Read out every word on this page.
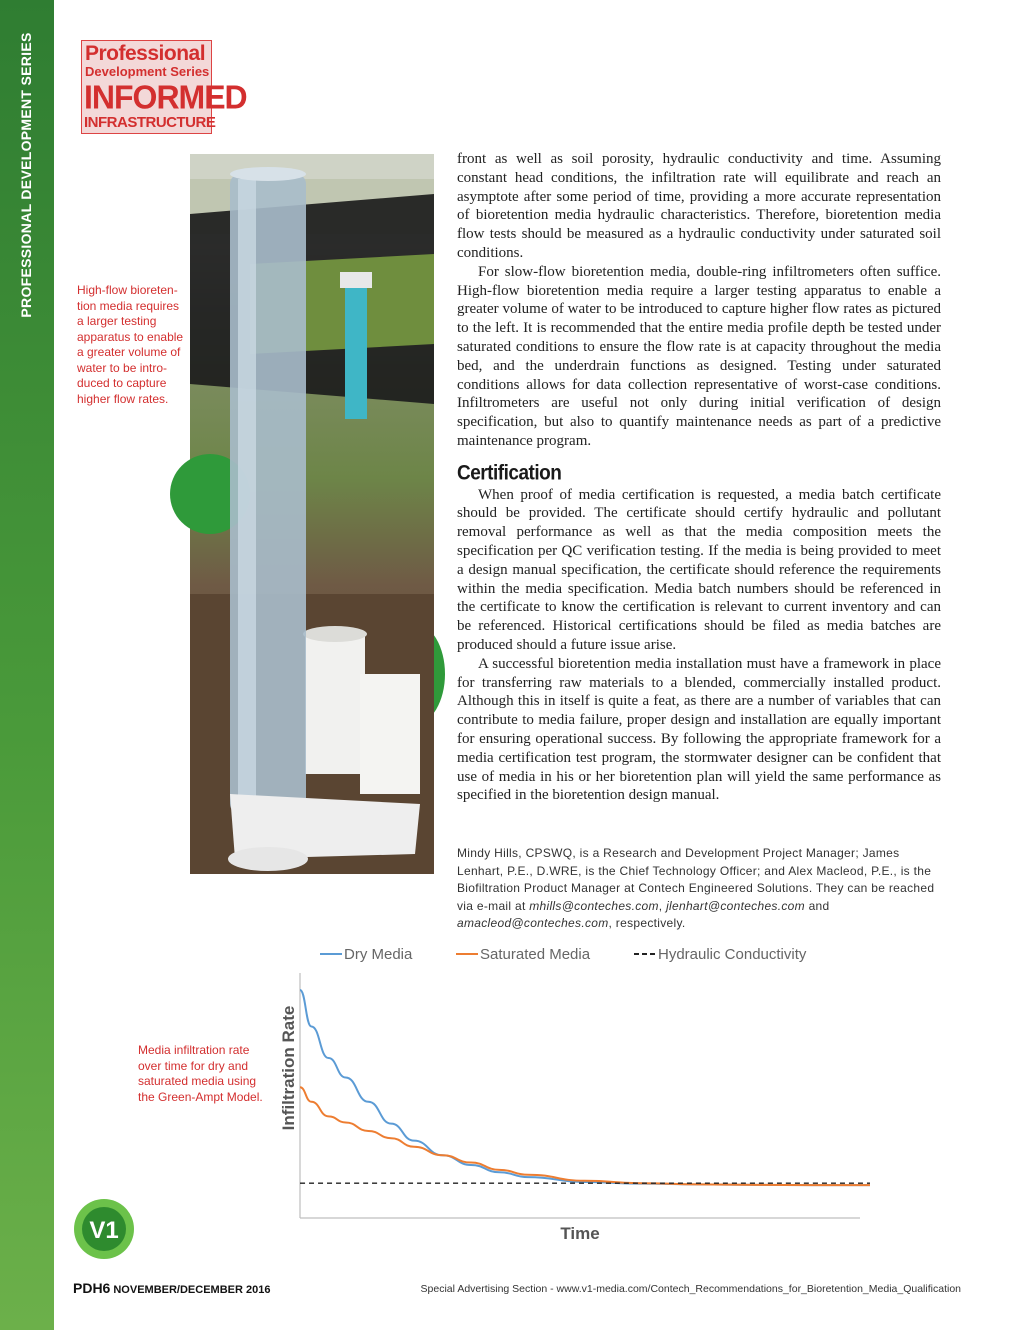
PROFESSIONAL DEVELOPMENT SERIES Professional
Development Series
INFORMED
INFRASTRUCTURE
High-flow bioreten-
tion media requires
a larger testing
apparatus to enable
a greater volume of
water to be intro-
duced to capture
higher flow rates.

front as well as soil porosity, hydraulic conductivity and time. Assuming constant head conditions, the infiltration rate will equilibrate and reach an asymptote after some period of time, providing a more accurate representation of bioretention media hydraulic characteristics. Therefore, bioretention media flow tests should be measured as a hydraulic conductivity under saturated soil conditions.

For slow-flow bioretention media, double-ring infiltrometers often suffice. High-flow bioretention media require a larger testing apparatus to enable a greater volume of water to be introduced to capture higher flow rates as pictured to the left. It is recommended that the entire media profile depth be tested under saturated conditions to ensure the flow rate is at capacity throughout the media bed, and the underdrain functions as designed. Testing under saturated conditions allows for data collection representative of worst-case conditions. Infiltrometers are useful not only during initial verification of design specification, but also to quantify maintenance needs as part of a predictive maintenance program.

Certification

When proof of media certification is requested, a media batch certificate should be provided. The certificate should certify hydraulic and pollutant removal performance as well as that the media composition meets the specification per QC verification testing. If the media is being provided to meet a design manual specification, the certificate should reference the requirements within the media specification. Media batch numbers should be referenced in the certificate to know the certification is relevant to current inventory and can be referenced. Historical certifications should be filed as media batches are produced should a future issue arise.

A successful bioretention media installation must have a framework in place for transferring raw materials to a blended, commercially installed product. Although this in itself is quite a feat, as there are a number of variables that can contribute to media failure, proper design and installation are equally important for ensuring operational success. By following the appropriate framework for a media certification test program, the stormwater designer can be confident that use of media in his or her bioretention plan will yield the same performance as specified in the bioretention design manual.

Mindy Hills, CPSWQ, is a Research and Development Project Manager; James Lenhart, P.E., D.WRE, is the Chief Technology Officer; and Alex Macleod, P.E., is the Biofiltration Product Manager at Contech Engineered Solutions. They can be reached via e-mail at mhills@conteches.com, jlenhart@conteches.com and amacleod@conteches.com, respectively.
Media infiltration rate
over time for dry and
saturated media using
the Green-Ampt Model.
Dry Media	Saturated Media	Hydraulic Conductivity
Infiltration Rate
Time
V1
PDH6 NOVEMBER/DECEMBER 2016	Special Advertising Section - www.v1-media.com/Contech_Recommendations_for_Bioretention_Media_Qualification
